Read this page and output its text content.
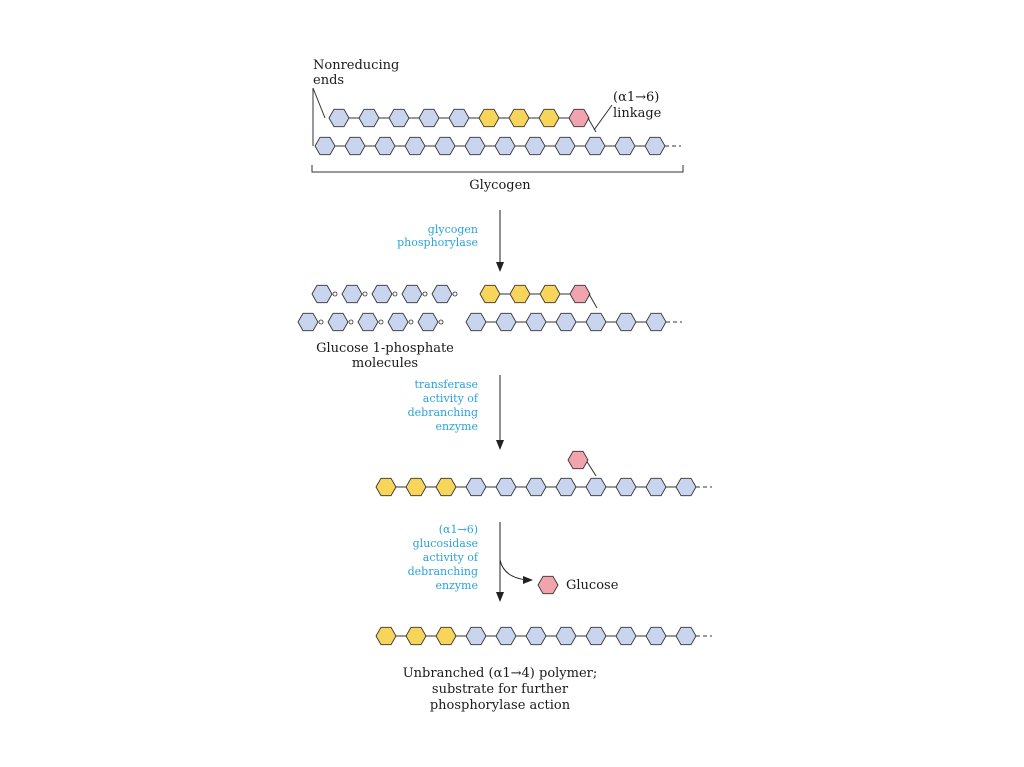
Nonreducing
ends
(α1→6)
linkage
Glycogen
glycogen
phosphorylase
Glucose 1-phosphate
molecules
transferase
activity of
debranching
enzyme
Glucose
(α1→6)
glucosidase
activity of
debranching
enzyme
Unbranched (α1→4) polymer;
substrate for further
phosphorylase action
